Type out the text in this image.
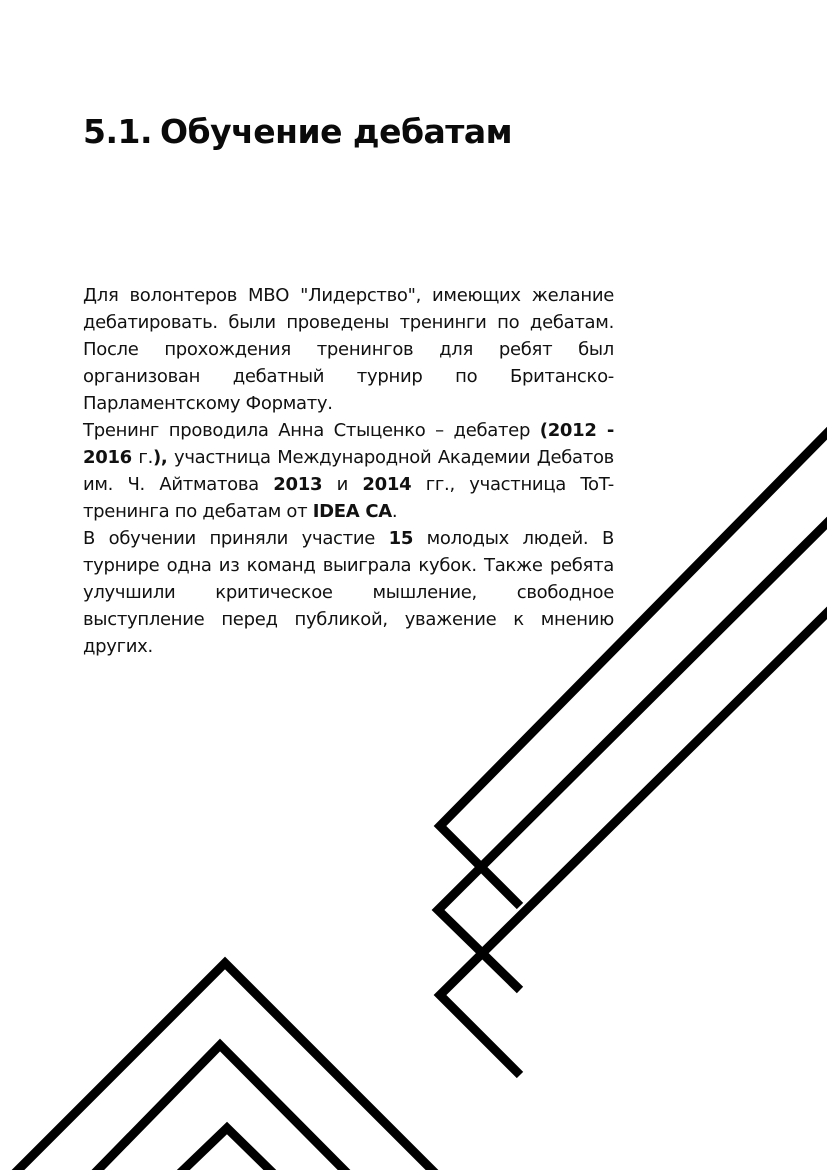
5.1. Обучение дебатам

Для волонтеров МВО "Лидерство", имеющих желание дебатировать. были проведены тренинги по дебатам. После прохождения тренингов для ребят был организован дебатный турнир по Британско-Парламентскому Формату.

Тренинг проводила Анна Стыценко – дебатер (2012 - 2016 г.), участница Международной Академии Дебатов им. Ч. Айтматова 2013 и 2014 гг., участница ToT-тренинга по дебатам от IDEA CA.

В обучении приняли участие 15 молодых людей. В турнире одна из команд выиграла кубок. Также ребята улучшили критическое мышление, свободное выступление перед публикой, уважение к мнению других.
